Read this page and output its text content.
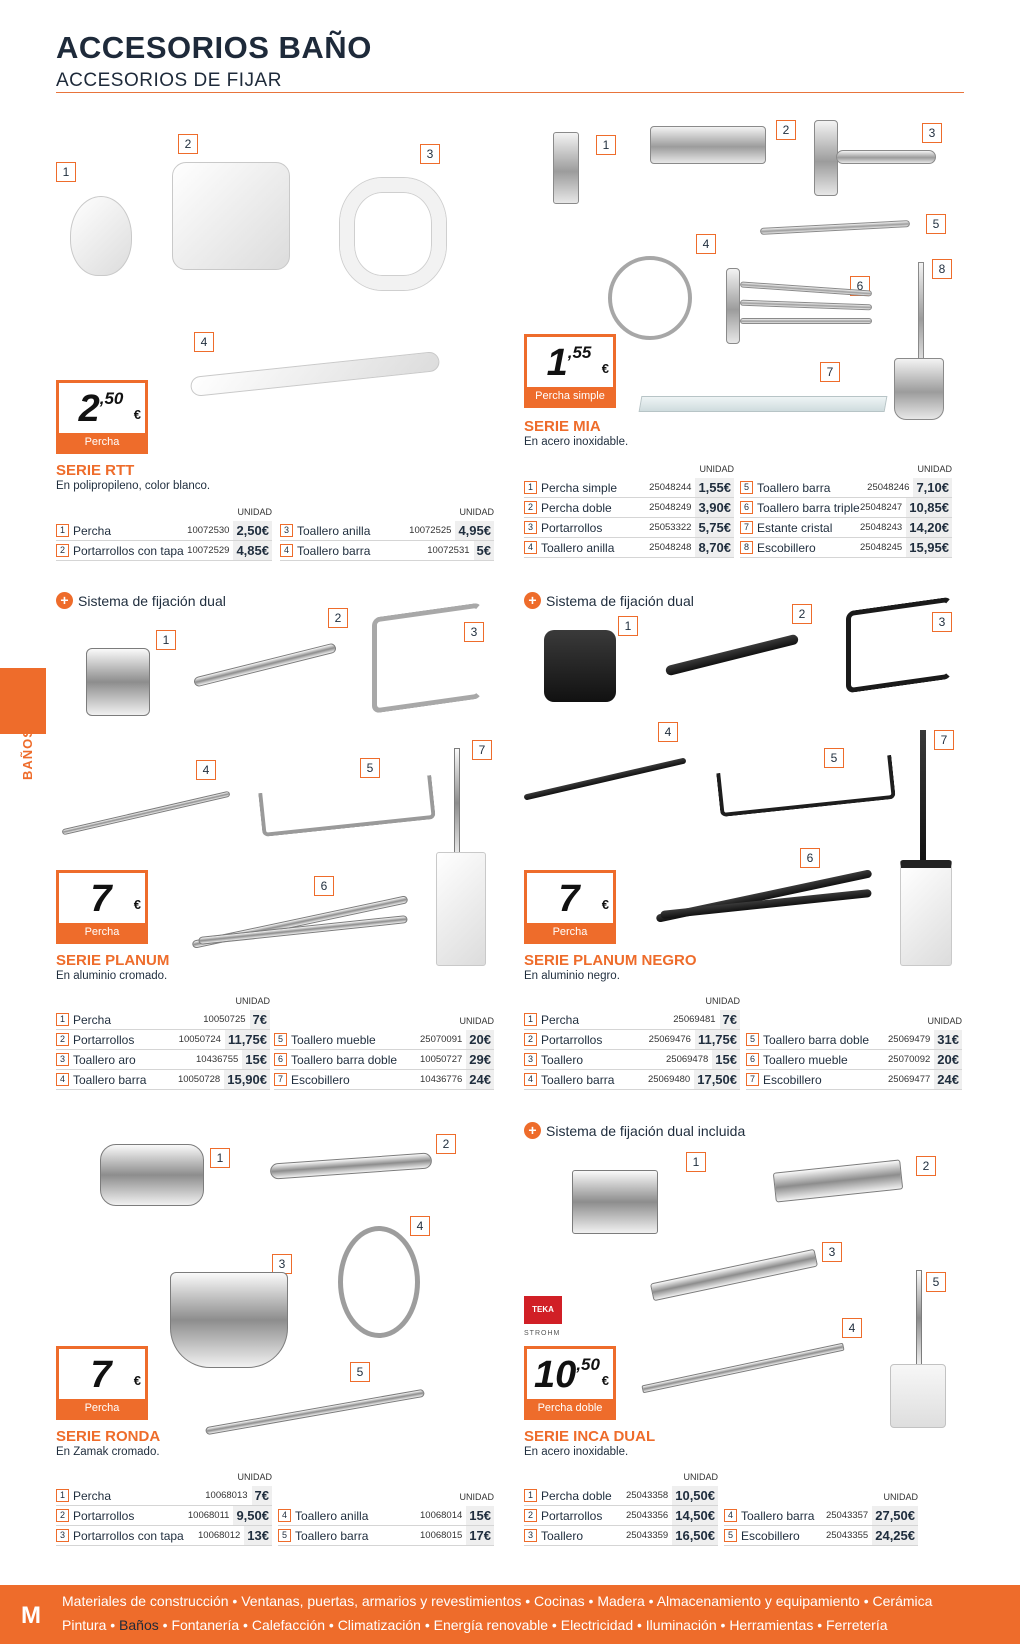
ACCESORIOS BAÑO
ACCESORIOS DE FIJAR
BAÑOS
1
2
3
4
$2^{,50}$
€
Percha
SERIE RTT
En polipropileno, color blanco.
UNIDAD
1 Percha	10072530 2,50€
2 Portarrollos con tapa 10072529 4,85€
UNIDAD
3 Toallero anilla	10072525 4,95€
4 Toallero barra	10072531 5€
1
2	3
4
5
6
8
7
$1^{,55}$
€
Percha simple
SERIE MIA
En acero inoxidable.
UNIDAD
1 Percha simple	25048244 1,55€
2 Percha doble	25048249 3,90€
3 Portarrollos	25053322 5,75€
4 Toallero anilla	25048248 8,70€
UNIDAD
5 Toallero barra	25048246 7,10€
6 Toallero barra triple 25048247 10,85€
7 Estante cristal	25048243 14,20€
8 Escobillero	25048245 15,95€
+ Sistema de fijación dual
1
2
3
4	5
7
6
7	€
Percha
SERIE PLANUM
En aluminio cromado.
UNIDAD
1 Percha	10050725 7€
2 Portarrollos	10050724 11,75€
3 Toallero aro	10436755 15€
4 Toallero barra	10050728 15,90€
UNIDAD
5 Toallero mueble	25070091 20€
6 Toallero barra doble	10050727 29€
7 Escobillero	10436776 24€
+ Sistema de fijación dual
1
2
3
4
5
7
6
7	€
Percha
SERIE PLANUM NEGRO
En aluminio negro.
UNIDAD
1 Percha	25069481 7€
2 Portarrollos	25069476 11,75€
3 Toallero	25069478 15€
4 Toallero barra	25069480 17,50€
UNIDAD
5 Toallero barra doble	25069479 31€
6 Toallero mueble	25070092 20€
7 Escobillero	25069477 24€
1
2
4
3
5
7	€
Percha
SERIE RONDA
En Zamak cromado.
UNIDAD
1 Percha	10068013 7€
2 Portarrollos	10068011 9,50€
3 Portarrollos con tapa	10068012 13€
UNIDAD
4 Toallero anilla	10068014 15€
5 Toallero barra	10068015 17€
+ Sistema de fijación dual incluida
1	2
3
5
4
TEKA
STROHM
$10^{,50}$
€
Percha doble
SERIE INCA DUAL
En acero inoxidable.
UNIDAD
1 Percha doble	25043358 10,50€
2 Portarrollos	25043356 14,50€
3 Toallero	25043359 16,50€
UNIDAD
4 Toallero barra	25043357 27,50€
5 Escobillero	25043355 24,25€
M
Materiales de construcción • Ventanas, puertas, armarios y revestimientos • Cocinas • Madera • Almacenamiento y equipamiento • Cerámica
Pintura • Baños • Fontanería • Calefacción • Climatización • Energía renovable • Electricidad • Iluminación • Herramientas • Ferretería
